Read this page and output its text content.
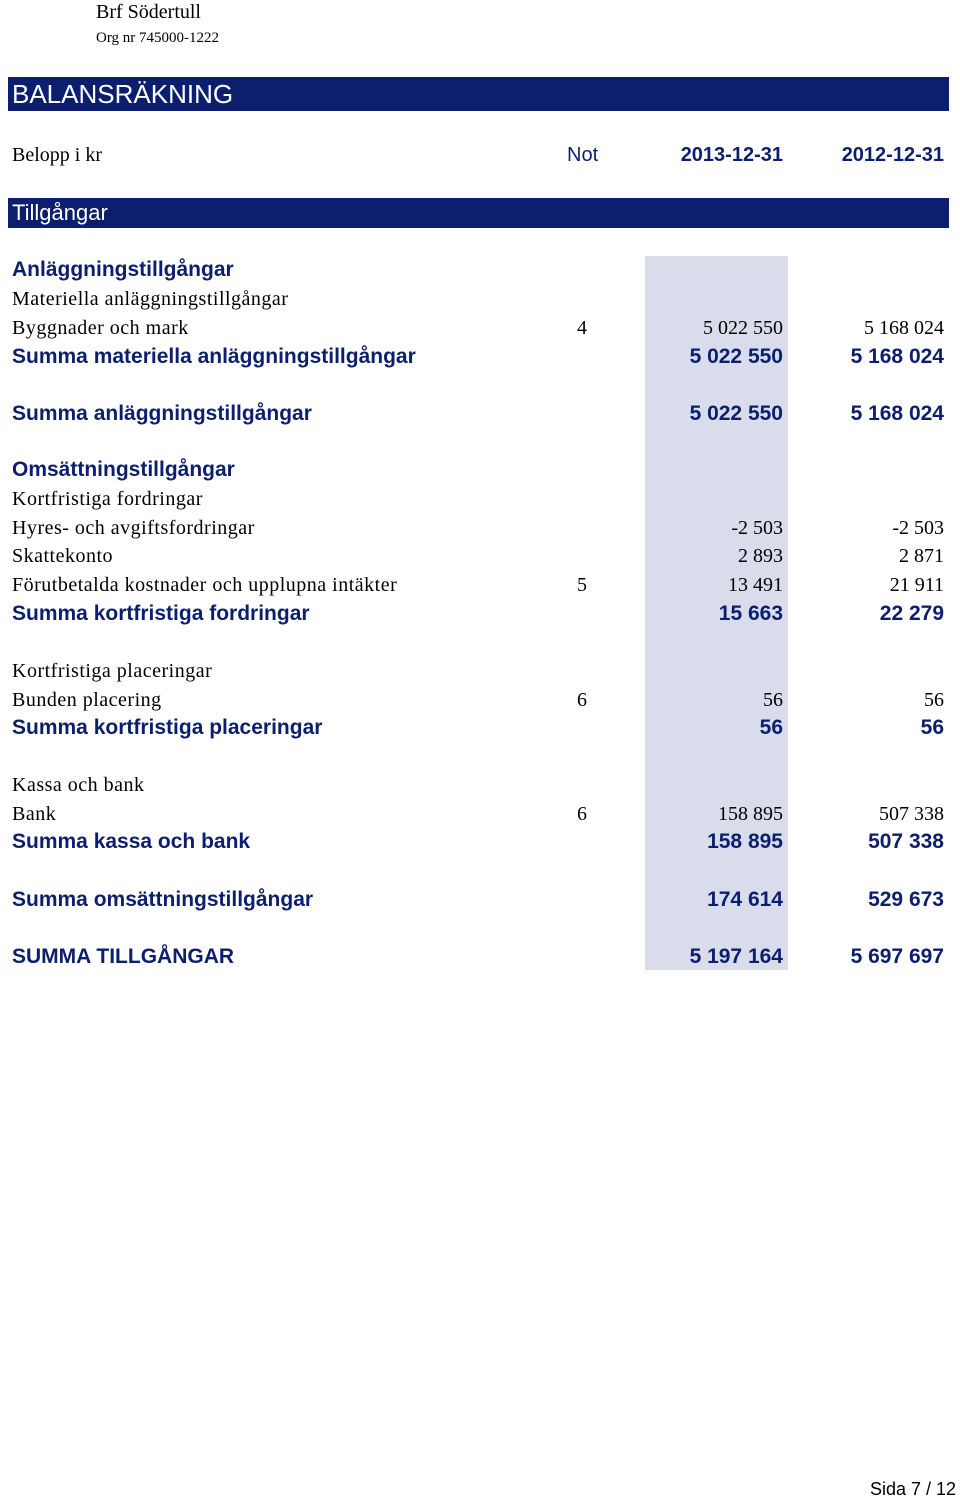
Brf Södertull
Org nr 745000-1222
BALANSRÄKNING
Belopp i kr	Not	2013-12-31	2012-12-31
Tillgångar
Anläggningstillgångar
Materiella anläggningstillgångar
Byggnader och mark	4	5 022 550	5 168 024
Summa materiella anläggningstillgångar	5 022 550	5 168 024
Summa anläggningstillgångar	5 022 550	5 168 024
Omsättningstillgångar
Kortfristiga fordringar
Hyres- och avgiftsfordringar	-2 503	-2 503
Skattekonto	2 893	2 871
Förutbetalda kostnader och upplupna intäkter	5	13 491	21 911
Summa kortfristiga fordringar	15 663	22 279
Kortfristiga placeringar
Bunden placering	6	56	56
Summa kortfristiga placeringar	56	56
Kassa och bank
Bank	6	158 895	507 338
Summa kassa och bank	158 895	507 338
Summa omsättningstillgångar	174 614	529 673
SUMMA TILLGÅNGAR	5 197 164	5 697 697
Sida 7 / 12
